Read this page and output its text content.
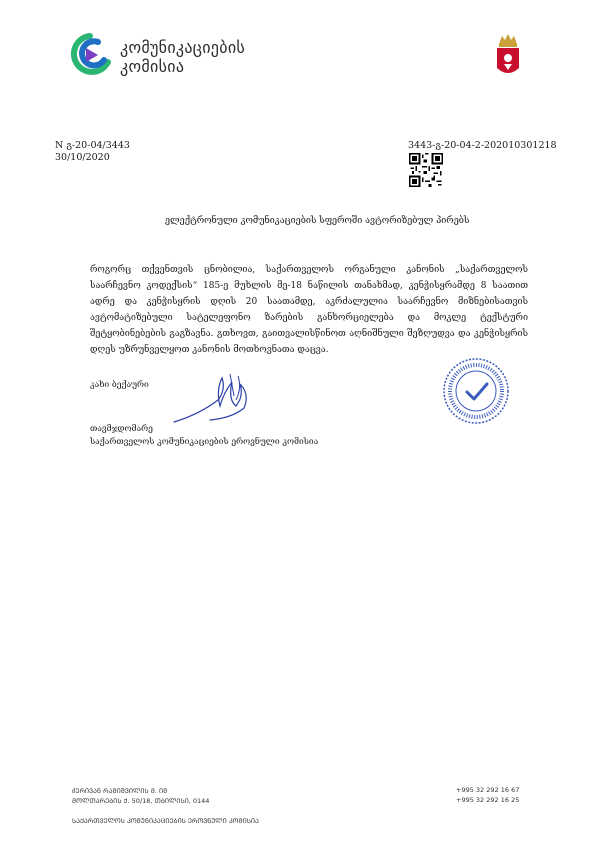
კომუნიკაციების
კომისია
N გ-20-04/3443
30/10/2020
3443-გ-20-04-2-202010301218
ელექტრონული კომუნიკაციების სფეროში ავტორიზებულ პირებს

როგორც თქვენთვის ცნობილია, საქართველოს ორგანული კანონის „საქართველოს საარჩევნო კოდექსის“ 185-ე მუხლის მე-18 ნაწილის თანახმად, კენჭისყრამდე 8 საათით ადრე და კენჭისყრის დღის 20 საათამდე, აკრძალულია საარჩევნო მიზნებისათვის ავტომატიზებული სატელეფონო ზარების განხორციელება და მოკლე ტექსტური შეტყობინებების გაგზავნა. გთხოვთ, გაითვალისწინოთ აღნიშნული შეზღუდვა და კენჭისყრის დღეს უზრუნველყოთ კანონის მოთხოვნათა დაცვა.

კახი ბექაური
თავმჯდომარე
საქართველოს კომუნიკაციების ეროვნული კომისია
ძᲔᲠᲘᲕᲐᲜ ᲠᲐᲛᲘᲨᲕᲘᲚᲘᲡ Მ. ᲘᲛ
ᲛᲝᲚᲗᲐᲠᲔᲑᲘᲡ Ქ. 50/18, ᲗᲑᲘᲚᲘᲡᲘ, 0144
ᲡᲐᲥᲐᲠᲗᲕᲔᲚᲝᲡ ᲙᲝᲛᲣᲜᲘᲙᲐᲪᲘᲔᲑᲘᲡ ᲔᲠᲝᲕᲜᲣᲚᲘ ᲙᲝᲛᲘᲡᲘᲐ
+995 32 292 16 67
+995 32 292 16 25
